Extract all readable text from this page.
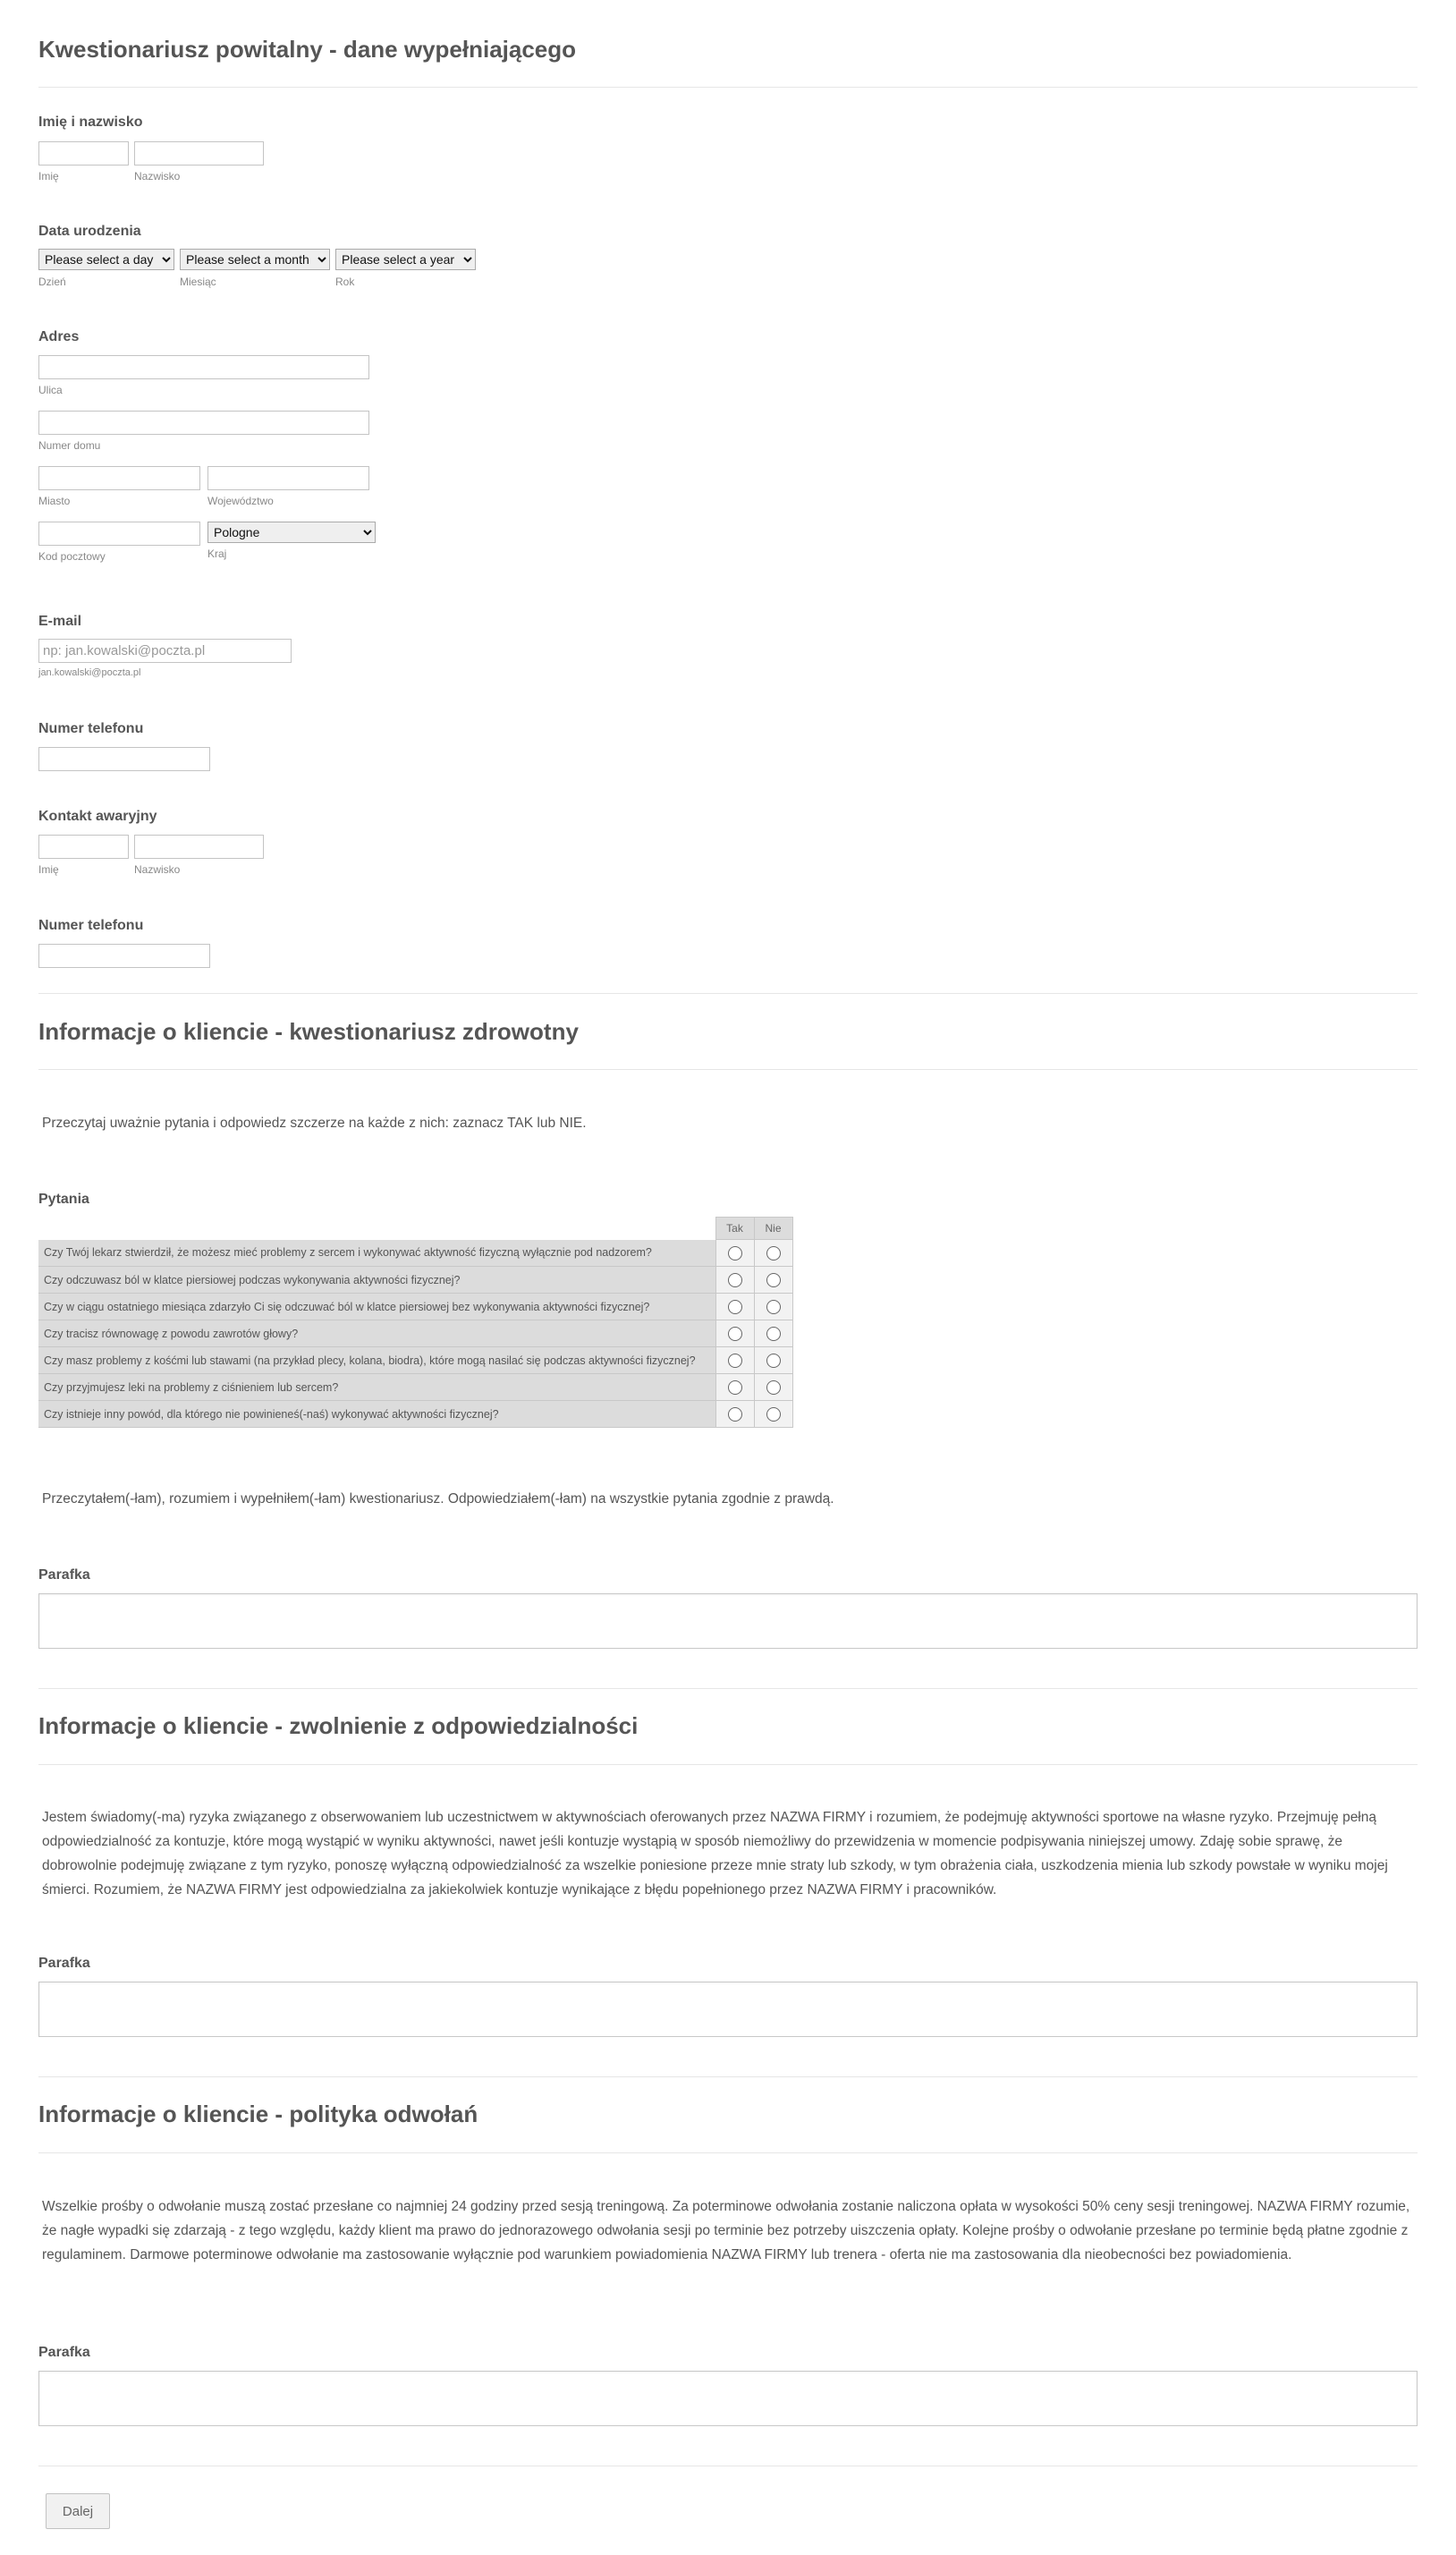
Kwestionariusz powitalny - dane wypełniającego
Imię i nazwisko
Imię	Nazwisko
Data urodzenia
Please select a day
Please select a month
Please select a year
Dzień	Miesiąc	Rok
Adres
Ulica
Numer domu
Miasto	Województwo
Pologne
Kod pocztowy	Kraj
E-mail
np: jan.kowalski@poczta.pl
jan.kowalski@poczta.pl
Numer telefonu
Kontakt awaryjny
Imię	Nazwisko
Numer telefonu
Informacje o kliencie - kwestionariusz zdrowotny
Przeczytaj uważnie pytania i odpowiedz szczerze na każde z nich: zaznacz TAK lub NIE.
Pytania
	Tak	Nie
Czy Twój lekarz stwierdził, że możesz mieć problemy z sercem i wykonywać aktywność fizyczną wyłącznie pod nadzorem?		
Czy odczuwasz ból w klatce piersiowej podczas wykonywania aktywności fizycznej?		
Czy w ciągu ostatniego miesiąca zdarzyło Ci się odczuwać ból w klatce piersiowej bez wykonywania aktywności fizycznej?		
Czy tracisz równowagę z powodu zawrotów głowy?		
Czy masz problemy z kośćmi lub stawami (na przykład plecy, kolana, biodra), które mogą nasilać się podczas aktywności fizycznej?		
Czy przyjmujesz leki na problemy z ciśnieniem lub sercem?		
Czy istnieje inny powód, dla którego nie powinieneś(-naś) wykonywać aktywności fizycznej?		
Przeczytałem(-łam), rozumiem i wypełniłem(-łam) kwestionariusz. Odpowiedziałem(-łam) na wszystkie pytania zgodnie z prawdą.
Parafka
Informacje o kliencie - zwolnienie z odpowiedzialności
Jestem świadomy(-ma) ryzyka związanego z obserwowaniem lub uczestnictwem w aktywnościach oferowanych przez NAZWA FIRMY i rozumiem, że podejmuję aktywności sportowe na własne ryzyko. Przejmuję pełną odpowiedzialność za kontuzje, które mogą wystąpić w wyniku aktywności, nawet jeśli kontuzje wystąpią w sposób niemożliwy do przewidzenia w momencie podpisywania niniejszej umowy. Zdaję sobie sprawę, że dobrowolnie podejmuję związane z tym ryzyko, ponoszę wyłączną odpowiedzialność za wszelkie poniesione przeze mnie straty lub szkody, w tym obrażenia ciała, uszkodzenia mienia lub szkody powstałe w wyniku mojej śmierci. Rozumiem, że NAZWA FIRMY jest odpowiedzialna za jakiekolwiek kontuzje wynikające z błędu popełnionego przez NAZWA FIRMY i pracowników.
Parafka
Informacje o kliencie - polityka odwołań
Wszelkie prośby o odwołanie muszą zostać przesłane co najmniej 24 godziny przed sesją treningową. Za poterminowe odwołania zostanie naliczona opłata w wysokości 50% ceny sesji treningowej. NAZWA FIRMY rozumie, że nagłe wypadki się zdarzają - z tego względu, każdy klient ma prawo do jednorazowego odwołania sesji po terminie bez potrzeby uiszczenia opłaty. Kolejne prośby o odwołanie przesłane po terminie będą płatne zgodnie z regulaminem. Darmowe poterminowe odwołanie ma zastosowanie wyłącznie pod warunkiem powiadomienia NAZWA FIRMY lub trenera - oferta nie ma zastosowania dla nieobecności bez powiadomienia.
Parafka
Dalej
